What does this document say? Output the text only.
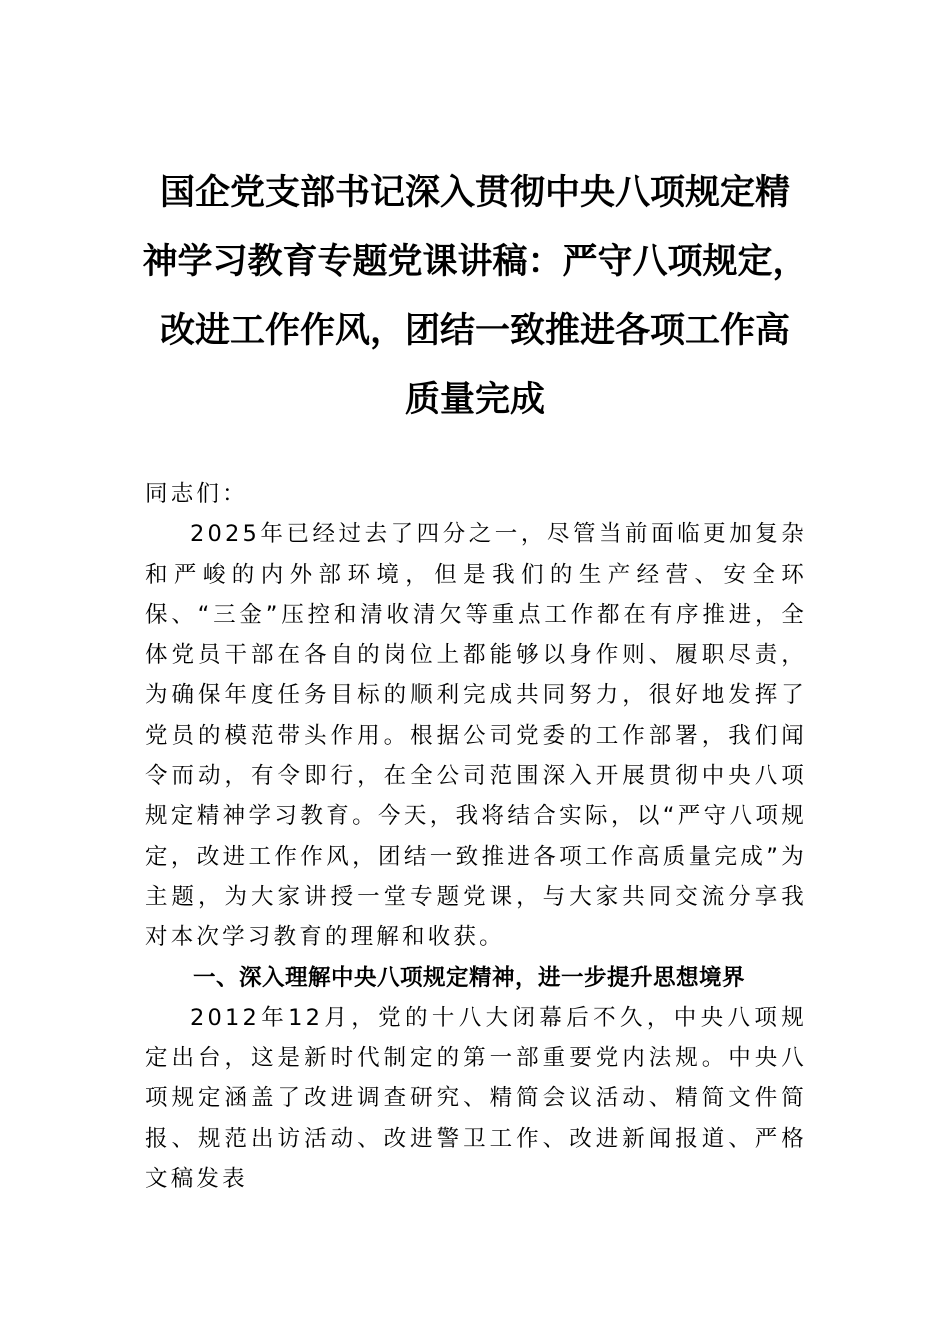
国企党支部书记深入贯彻中央八项规定精
神学习教育专题党课讲稿：严守八项规定，
改进工作作风，团结一致推进各项工作高
质量完成

同志们：

2025年已经过去了四分之一，尽管当前面临更加复杂和严峻的内外部环境，但是我们的生产经营、安全环保、“三金”压控和清收清欠等重点工作都在有序推进，全体党员干部在各自的岗位上都能够以身作则、履职尽责，为确保年度任务目标的顺利完成共同努力，很好地发挥了党员的模范带头作用。根据公司党委的工作部署，我们闻令而动，有令即行，在全公司范围深入开展贯彻中央八项规定精神学习教育。今天，我将结合实际，以“严守八项规定，改进工作作风，团结一致推进各项工作高质量完成”为主题，为大家讲授一堂专题党课，与大家共同交流分享我对本次学习教育的理解和收获。

一、深入理解中央八项规定精神，进一步提升思想境界

2012年12月，党的十八大闭幕后不久，中央八项规定出台，这是新时代制定的第一部重要党内法规。中央八项规定涵盖了改进调查研究、精简会议活动、精简文件简报、规范出访活动、改进警卫工作、改进新闻报道、严格文稿发表
